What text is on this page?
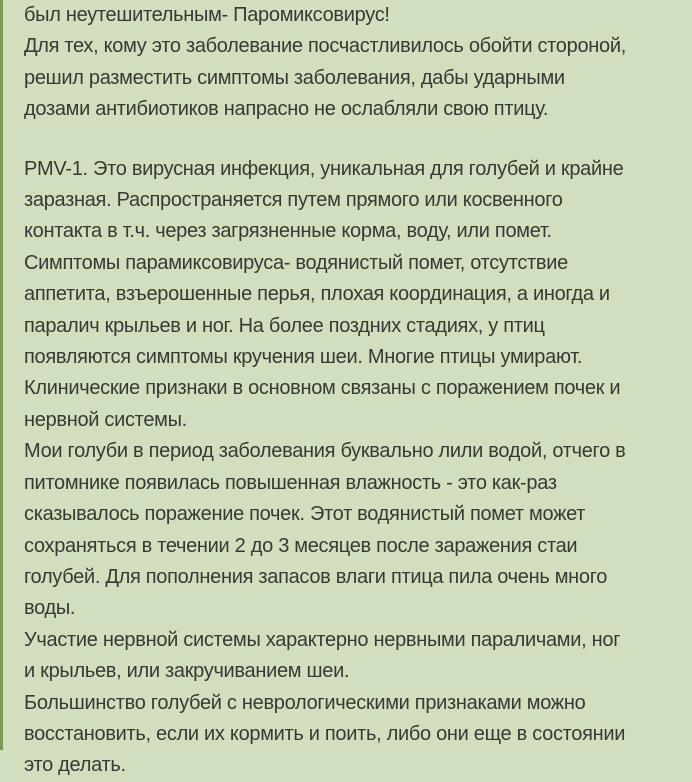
был неутешительным- Паромиксовирус!
Для тех, кому это заболевание посчастливилось обойти стороной,
решил разместить симптомы заболевания, дабы ударными
дозами антибиотиков напрасно не ослабляли свою птицу.

PMV-1. Это вирусная инфекция, уникальная для голубей и крайне
заразная. Распространяется путем прямого или косвенного
контакта в т.ч. через загрязненные корма, воду, или помет.
Симптомы парамиксовируса- водянистый помет, отсутствие
аппетита, взъерошенные перья, плохая координация, а иногда и
паралич крыльев и ног. На более поздних стадиях, у птиц
появляются симптомы кручения шеи. Многие птицы умирают.
Клинические признаки в основном связаны с поражением почек и
нервной системы.
Мои голуби в период заболевания буквально лили водой, отчего в
питомнике появилась повышенная влажность - это как-раз
сказывалось поражение почек. Этот водянистый помет может
сохраняться в течении 2 до 3 месяцев после заражения стаи
голубей. Для пополнения запасов влаги птица пила очень много
воды.
Участие нервной системы характерно нервными параличами, ног
и крыльев, или закручиванием шеи.
Большинство голубей с неврологическими признаками можно
восстановить, если их кормить и поить, либо они еще в состоянии
это делать.
